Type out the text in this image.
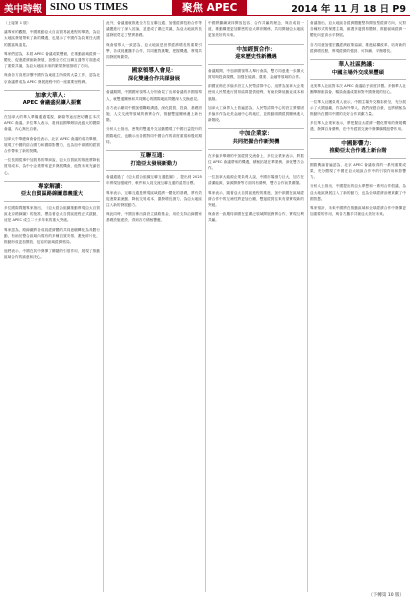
美中時報 SINO US TIMES	聚焦 APEC	2014 年 11 月 18 日 P9

（上接第 1 版）

議專家的觀點，中國推動亞太自由貿易區進程的舉措，為亞太地區發展帶來了新的機遇，也展示了中國作為負責任大國的擔當與遠見。

專家們認為，本屆 APEC 會議成果豐碩，在推動區域經濟一體化、促進經濟創新發展、加強全方位互聯互通等方面達成了重要共識，為亞太地區未來的繁榮發展指明了方向。

與會各方高度評價中國作為東道主所做的大量工作，認為北京會議將成為 APEC 發展進程中的一座重要里程碑。

加拿大華人：
APEC 會議盛況讓人振奮

在加拿大的華人華僑通過電視、網絡等途徑密切關注本次 APEC 會議。多位華人表示，看到祖國舉辦如此盛大的國際會議，內心無比自豪。

加拿大中華總商會會長表示，北京 APEC 會議的成功舉辦，展現了中國的綜合國力和國際影響力，也為加中兩國的經貿合作帶來了新的契機。

一位長期從事中加貿易的華商說，亞太自貿區的推進將降低貿易成本，為中小企業帶來更多發展機會，他對未來充滿信心。

專家解讀：
亞太自貿區路線圖意義重大

多位國際問題專家指出，《亞太經合組織推動實現亞太自貿區北京路線圖》的批准，標誌著亞太自貿區進程正式啟動，這是 APEC 成立二十多年來的重大突破。

專家認為，路線圖將各成員經濟體的共同意願轉化為具體行動，有助於整合區域內現有的多種自貿安排，避免碎片化，推動形成更加開放、包容的區域經濟格局。

他們表示，中國在其中發揮了關鍵的引領作用，展現了推動區域合作的誠意和決心。

此外，會議還就推進全方位互聯互通、加強經濟技術合作等議題進行了深入討論，並達成了廣泛共識，為亞太地區的長遠發展奠定了堅實基礎。

與會領導人一致認為，亞太地區是世界經濟增長的重要引擎，各成員應攜手合作，共同應對挑戰，把握機遇，實現共同發展與繁榮。

國家領導人會見：
深化雙邊合作共謀發展

會議期間，中國國家領導人分別會見了出席會議的多國領導人，就雙邊關係和共同關心的國際地區問題深入交換意見。

各方表示願同中國加強戰略溝通，深化經貿、投資、基礎設施、人文交流等領域的務實合作，推動雙邊關係邁上新台階。

分析人士指出，密集的雙邊外交活動體現了中國日益提升的國際地位，也顯示出各國對同中國合作的高度重視和殷切期待。

互聯互通：
打造亞太發展新動力

會議通過了《亞太經合組織互聯互通藍圖》，提出到 2025 年實現加強硬件、軟件和人員交流互聯互通的遠景目標。

專家表示，互聯互通是實現區域經濟一體化的基礎，將有效促進要素流動、降低交易成本、激發增長潛力，為亞太地區注入新的發展動力。

與此同時，中國宣佈出資設立絲路基金，用於支持沿線國家基礎設施建設，得到各方積極響應。

中國將繼續秉持開放包容、合作共贏的理念，與各成員一道，推動構建更加緊密的亞太夥伴關係，共同開創亞太地區更加美好的未來。

中加經貿合作：
迎來歷史性新機遇

會議期間，中加兩國領導人舉行會談，雙方同意進一步擴大貿易與投資規模，加強在能源、農業、金融等領域的合作。

兩國宣佈在多倫多設立人民幣清算中心，這將為加拿大企業使用人民幣進行貿易結算提供便利，有助於降低匯兌成本和風險。

加拿大工商界人士普遍認為，人民幣清算中心的設立將鞏固多倫多作為北美金融中心的地位，並推動兩國經貿關係進入新階段。

中加企業家：
共同把握合作新契機

在多倫多舉辦的中加經貿交流會上，多位企業家表示，將抓住 APEC 會議帶來的機遇，積極拓展在華業務，深化雙方合作。

一位加拿大能源企業負責人說，中國市場潛力巨大，加方在清潔能源、資源開發等方面具有優勢，雙方合作前景廣闊。

專家表示，隨著亞太自貿區進程的推進，加中兩國在區域經濟合作中的互補性將更加凸顯，雙邊經貿往來有望實現新的突破。

與會者一致期待兩國在更廣泛領域開展務實合作，實現互利共贏。

會議指出，亞太地區各經濟體應堅持開放型經濟方向，反對各種形式的保護主義，維護多邊貿易體制，推動區域經濟一體化向更高水平發展。

各方同意加強宏觀經濟政策協調，推進結構改革，培育新的經濟增長點，實現經濟的強勁、可持續、平衡增長。

華人社區熱議：
中國主場外交成果豐碩

北美華人社區對本次 APEC 會議給予高度評價。多個華人社團舉辦座談會，暢談會議成果和對中國發展的信心。

一位華人社團負責人表示，中國主場外交精彩紛呈，充分展示了大國風範，作為海外華人，我們深感自豪，也將積極為推動所在國同中國的友好合作貢獻力量。

多位華人企業家表示，將把握亞太經濟一體化帶來的發展機遇，發揮自身優勢，在中外經貿交流中發揮橋樑紐帶作用。

中國影響力：
推動亞太合作邁上新台階

國際輿論普遍認為，北京 APEC 會議取得的一系列重要成果，充分體現了中國在亞太地區合作中的引領作用和影響力。

分析人士指出，中國提出的亞太夢想和一系列合作倡議，為亞太地區發展注入了新的動力，也為全球經濟治理貢獻了中國智慧。

專家預計，未來中國將在推動區域和全球經濟合作中發揮更加重要的作用，與各方攜手共創亞太美好未來。

（下轉第 10 版）
